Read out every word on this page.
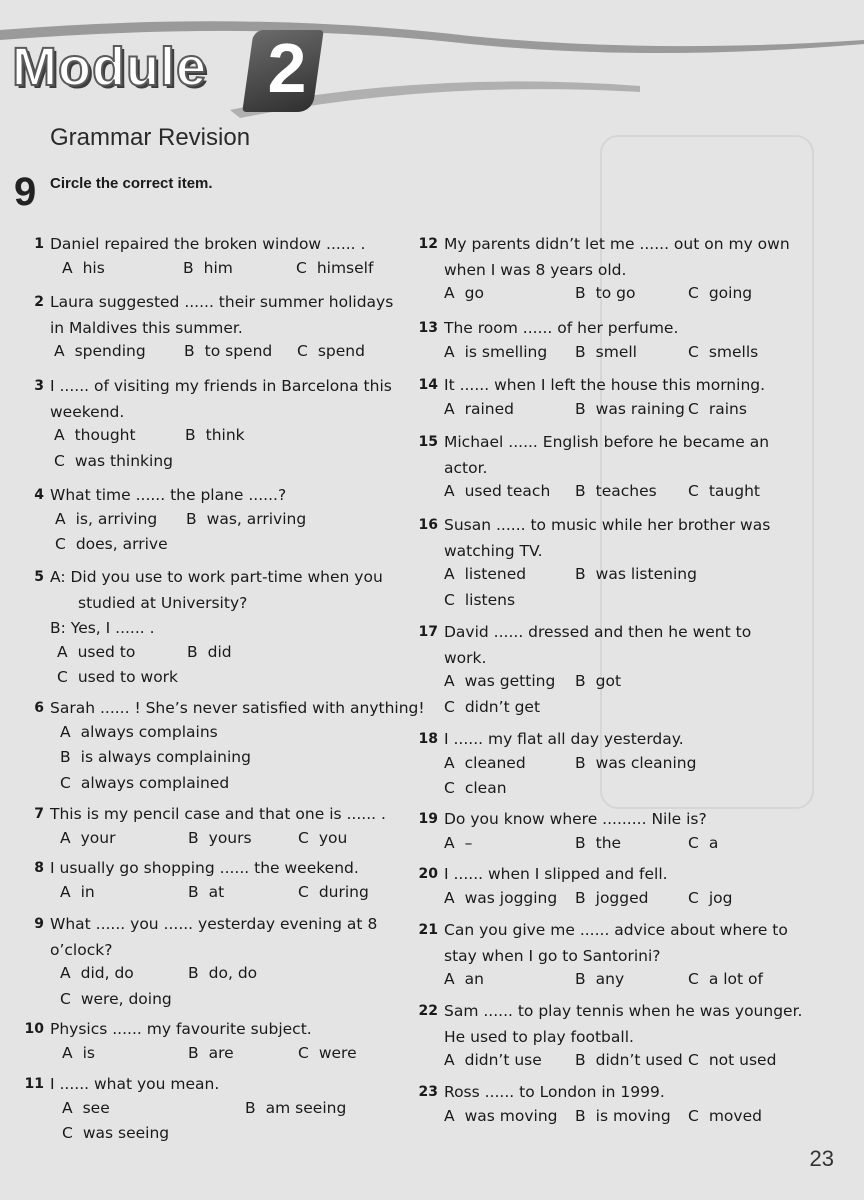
Module 2
Grammar Revision
9 Circle the correct item.
1 Daniel repaired the broken window ...... .
A his	B him	C himself
2 Laura suggested ...... their summer holidays
in Maldives this summer.
A spending B to spend C spend
3 I ...... of visiting my friends in Barcelona this
weekend.
A thought	B think
C was thinking
4 What time ...... the plane ......?
A is, arriving B was, arriving
C does, arrive
5 A: Did you use to work part-time when you
studied at University?
B: Yes, I ...... .
A used to	B did
C used to work
6 Sarah ...... ! She’s never satisfied with anything!
A always complains
B is always complaining
C always complained
7 This is my pencil case and that one is ...... .
A your	B yours	C you
8 I usually go shopping ...... the weekend.
A in	B at	C during
9 What ...... you ...... yesterday evening at 8
o’clock?
A did, do	B do, do
C were, doing
10 Physics ...... my favourite subject.
A is	B are	C were
11 I ...... what you mean.
A see	B am seeing
C was seeing
12 My parents didn’t let me ...... out on my own
when I was 8 years old.
A go	B to go	C going
13 The room ...... of her perfume.
A is smelling B smell	C smells
14 It ...... when I left the house this morning.
A rained	B was raining C rains
15 Michael ...... English before he became an
actor.
A used teach B teaches C taught
16 Susan ...... to music while her brother was
watching TV.
A listened	B was listening
C listens
17 David ...... dressed and then he went to
work.
A was getting B got
C didn’t get
18 I ...... my flat all day yesterday.
A cleaned	B was cleaning
C clean
19 Do you know where ......... Nile is?
A –	B the	C a
20 I ...... when I slipped and fell.
A was jogging B jogged	C jog
21 Can you give me ...... advice about where to
stay when I go to Santorini?
A an	B any	C a lot of
22 Sam ...... to play tennis when he was younger.
He used to play football.
A didn’t use B didn’t used C not used
23 Ross ...... to London in 1999.
A was moving B is moving C moved
23
